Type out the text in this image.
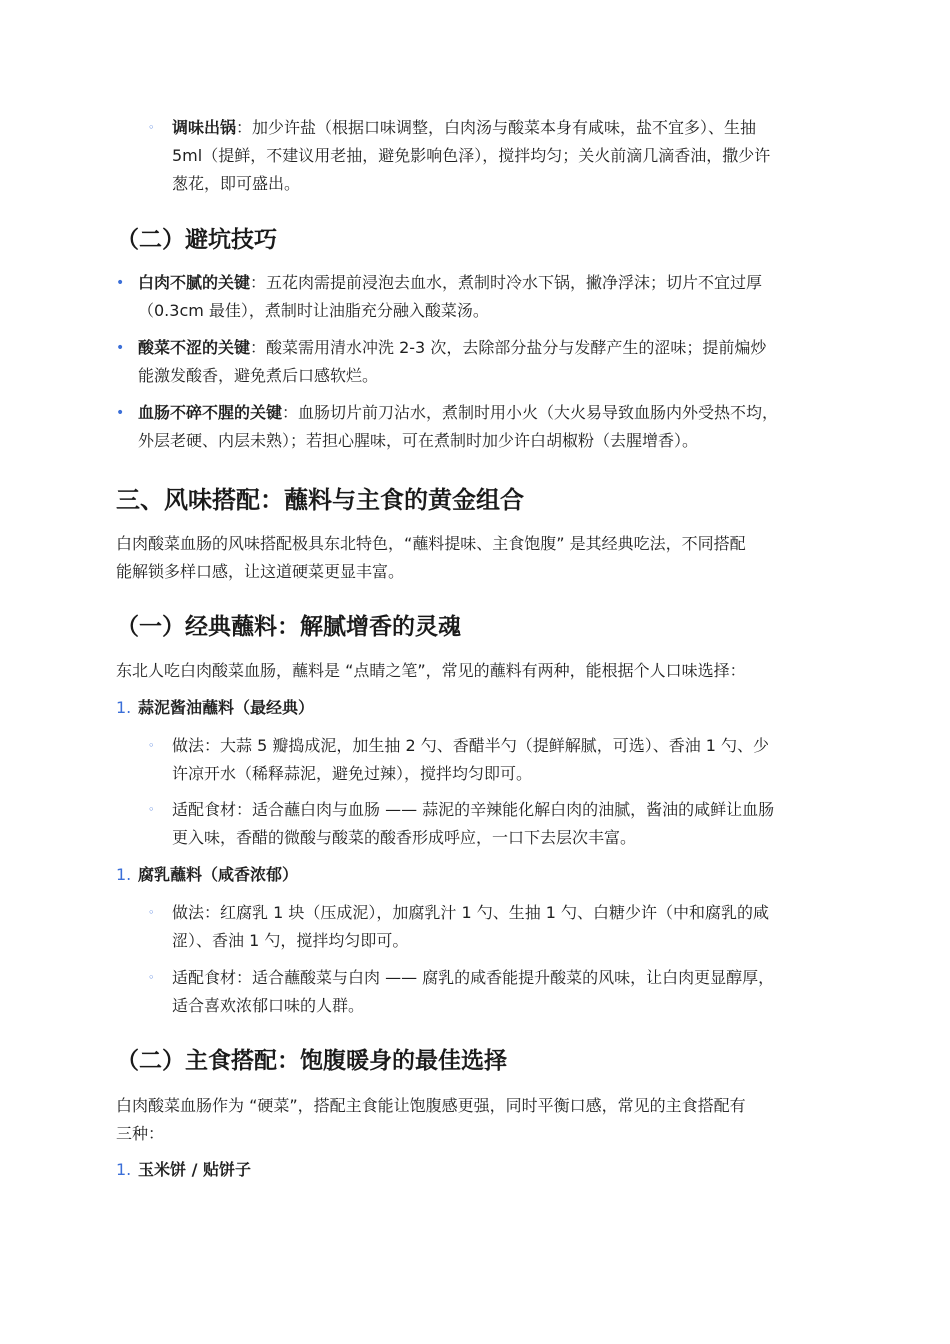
◦ 调味出锅：加少许盐（根据口味调整，白肉汤与酸菜本身有咸味，盐不宜多）、生抽
5ml（提鲜，不建议用老抽，避免影响色泽），搅拌均匀；关火前滴几滴香油，撒少许
葱花，即可盛出。
（二）避坑技巧
• 白肉不腻的关键：五花肉需提前浸泡去血水，煮制时冷水下锅，撇净浮沫；切片不宜过厚
（0.3cm 最佳），煮制时让油脂充分融入酸菜汤。
• 酸菜不涩的关键：酸菜需用清水冲洗 2-3 次，去除部分盐分与发酵产生的涩味；提前煸炒
能激发酸香，避免煮后口感软烂。
• 血肠不碎不腥的关键：血肠切片前刀沾水，煮制时用小火（大火易导致血肠内外受热不均，
外层老硬、内层未熟）；若担心腥味，可在煮制时加少许白胡椒粉（去腥增香）。
三、风味搭配：蘸料与主食的黄金组合
白肉酸菜血肠的风味搭配极具东北特色，“蘸料提味、主食饱腹” 是其经典吃法，不同搭配
能解锁多样口感，让这道硬菜更显丰富。
（一）经典蘸料：解腻增香的灵魂
东北人吃白肉酸菜血肠，蘸料是 “点睛之笔”，常见的蘸料有两种，能根据个人口味选择：
1. 蒜泥酱油蘸料（最经典）
◦ 做法：大蒜 5 瓣捣成泥，加生抽 2 勺、香醋半勺（提鲜解腻，可选）、香油 1 勺、少
许凉开水（稀释蒜泥，避免过辣），搅拌均匀即可。
◦ 适配食材：适合蘸白肉与血肠 —— 蒜泥的辛辣能化解白肉的油腻，酱油的咸鲜让血肠
更入味，香醋的微酸与酸菜的酸香形成呼应，一口下去层次丰富。
1. 腐乳蘸料（咸香浓郁）
◦ 做法：红腐乳 1 块（压成泥），加腐乳汁 1 勺、生抽 1 勺、白糖少许（中和腐乳的咸
涩）、香油 1 勺，搅拌均匀即可。
◦ 适配食材：适合蘸酸菜与白肉 —— 腐乳的咸香能提升酸菜的风味，让白肉更显醇厚，
适合喜欢浓郁口味的人群。
（二）主食搭配：饱腹暖身的最佳选择
白肉酸菜血肠作为 “硬菜”，搭配主食能让饱腹感更强，同时平衡口感，常见的主食搭配有
三种：
1. 玉米饼 / 贴饼子
